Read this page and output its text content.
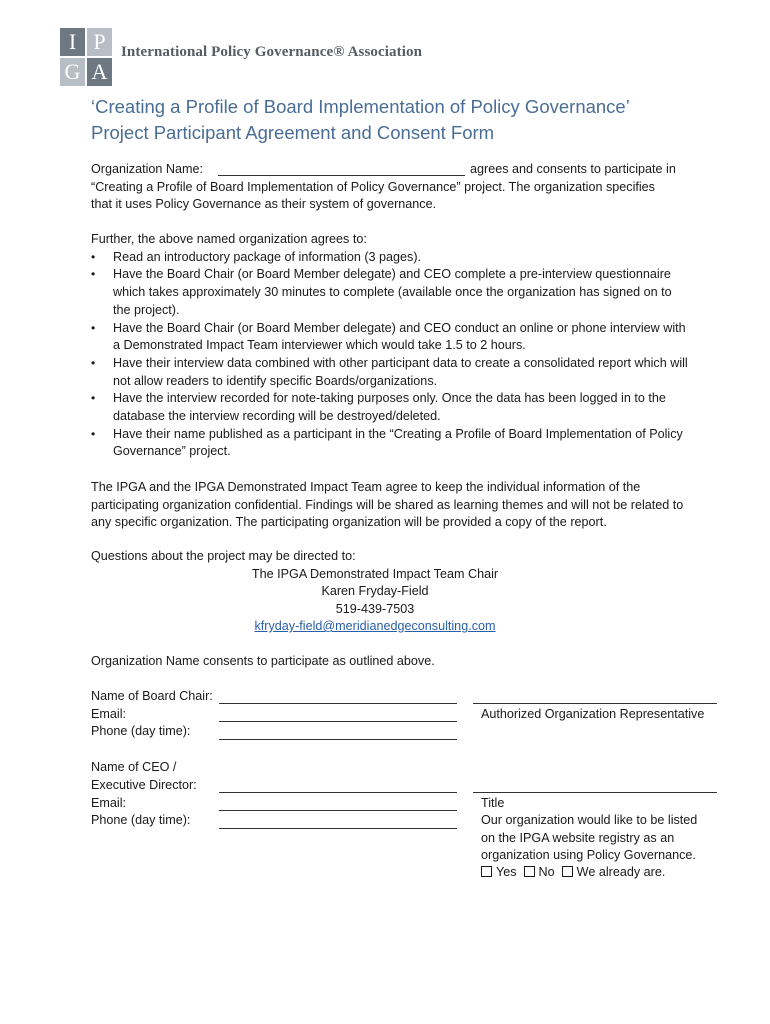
I P
G A
International Policy Governance® Association
‘Creating a Profile of Board Implementation of Policy Governance’
Project Participant Agreement and Consent Form
Organization Name:	agrees and consents to participate in
“Creating a Profile of Board Implementation of Policy Governance” project. The organization specifies
that it uses Policy Governance as their system of governance.

Further, the above named organization agrees to:

• Read an introductory package of information (3 pages).
• Have the Board Chair (or Board Member delegate) and CEO complete a pre-interview questionnaire which takes approximately 30 minutes to complete (available once the organization has signed on to the project).
• Have the Board Chair (or Board Member delegate) and CEO conduct an online or phone interview with a Demonstrated Impact Team interviewer which would take 1.5 to 2 hours.
• Have their interview data combined with other participant data to create a consolidated report which will not allow readers to identify specific Boards/organizations.
• Have the interview recorded for note-taking purposes only. Once the data has been logged in to the database the interview recording will be destroyed/deleted.
• Have their name published as a participant in the “Creating a Profile of Board Implementation of Policy Governance” project.
The IPGA and the IPGA Demonstrated Impact Team agree to keep the individual information of the participating organization confidential. Findings will be shared as learning themes and will not be related to any specific organization. The participating organization will be provided a copy of the report.
Questions about the project may be directed to:
The IPGA Demonstrated Impact Team Chair
Karen Fryday-Field
519-439-7503
kfryday-field@meridianedgeconsulting.com
Organization Name consents to participate as outlined above.
Name of Board Chair:
Email:
Phone (day time):
Authorized Organization Representative
Name of CEO /
Executive Director:
Email:
Phone (day time):
Title
Our organization would like to be listed on the IPGA website registry as an organization using Policy Governance.
Yes No We already are.
